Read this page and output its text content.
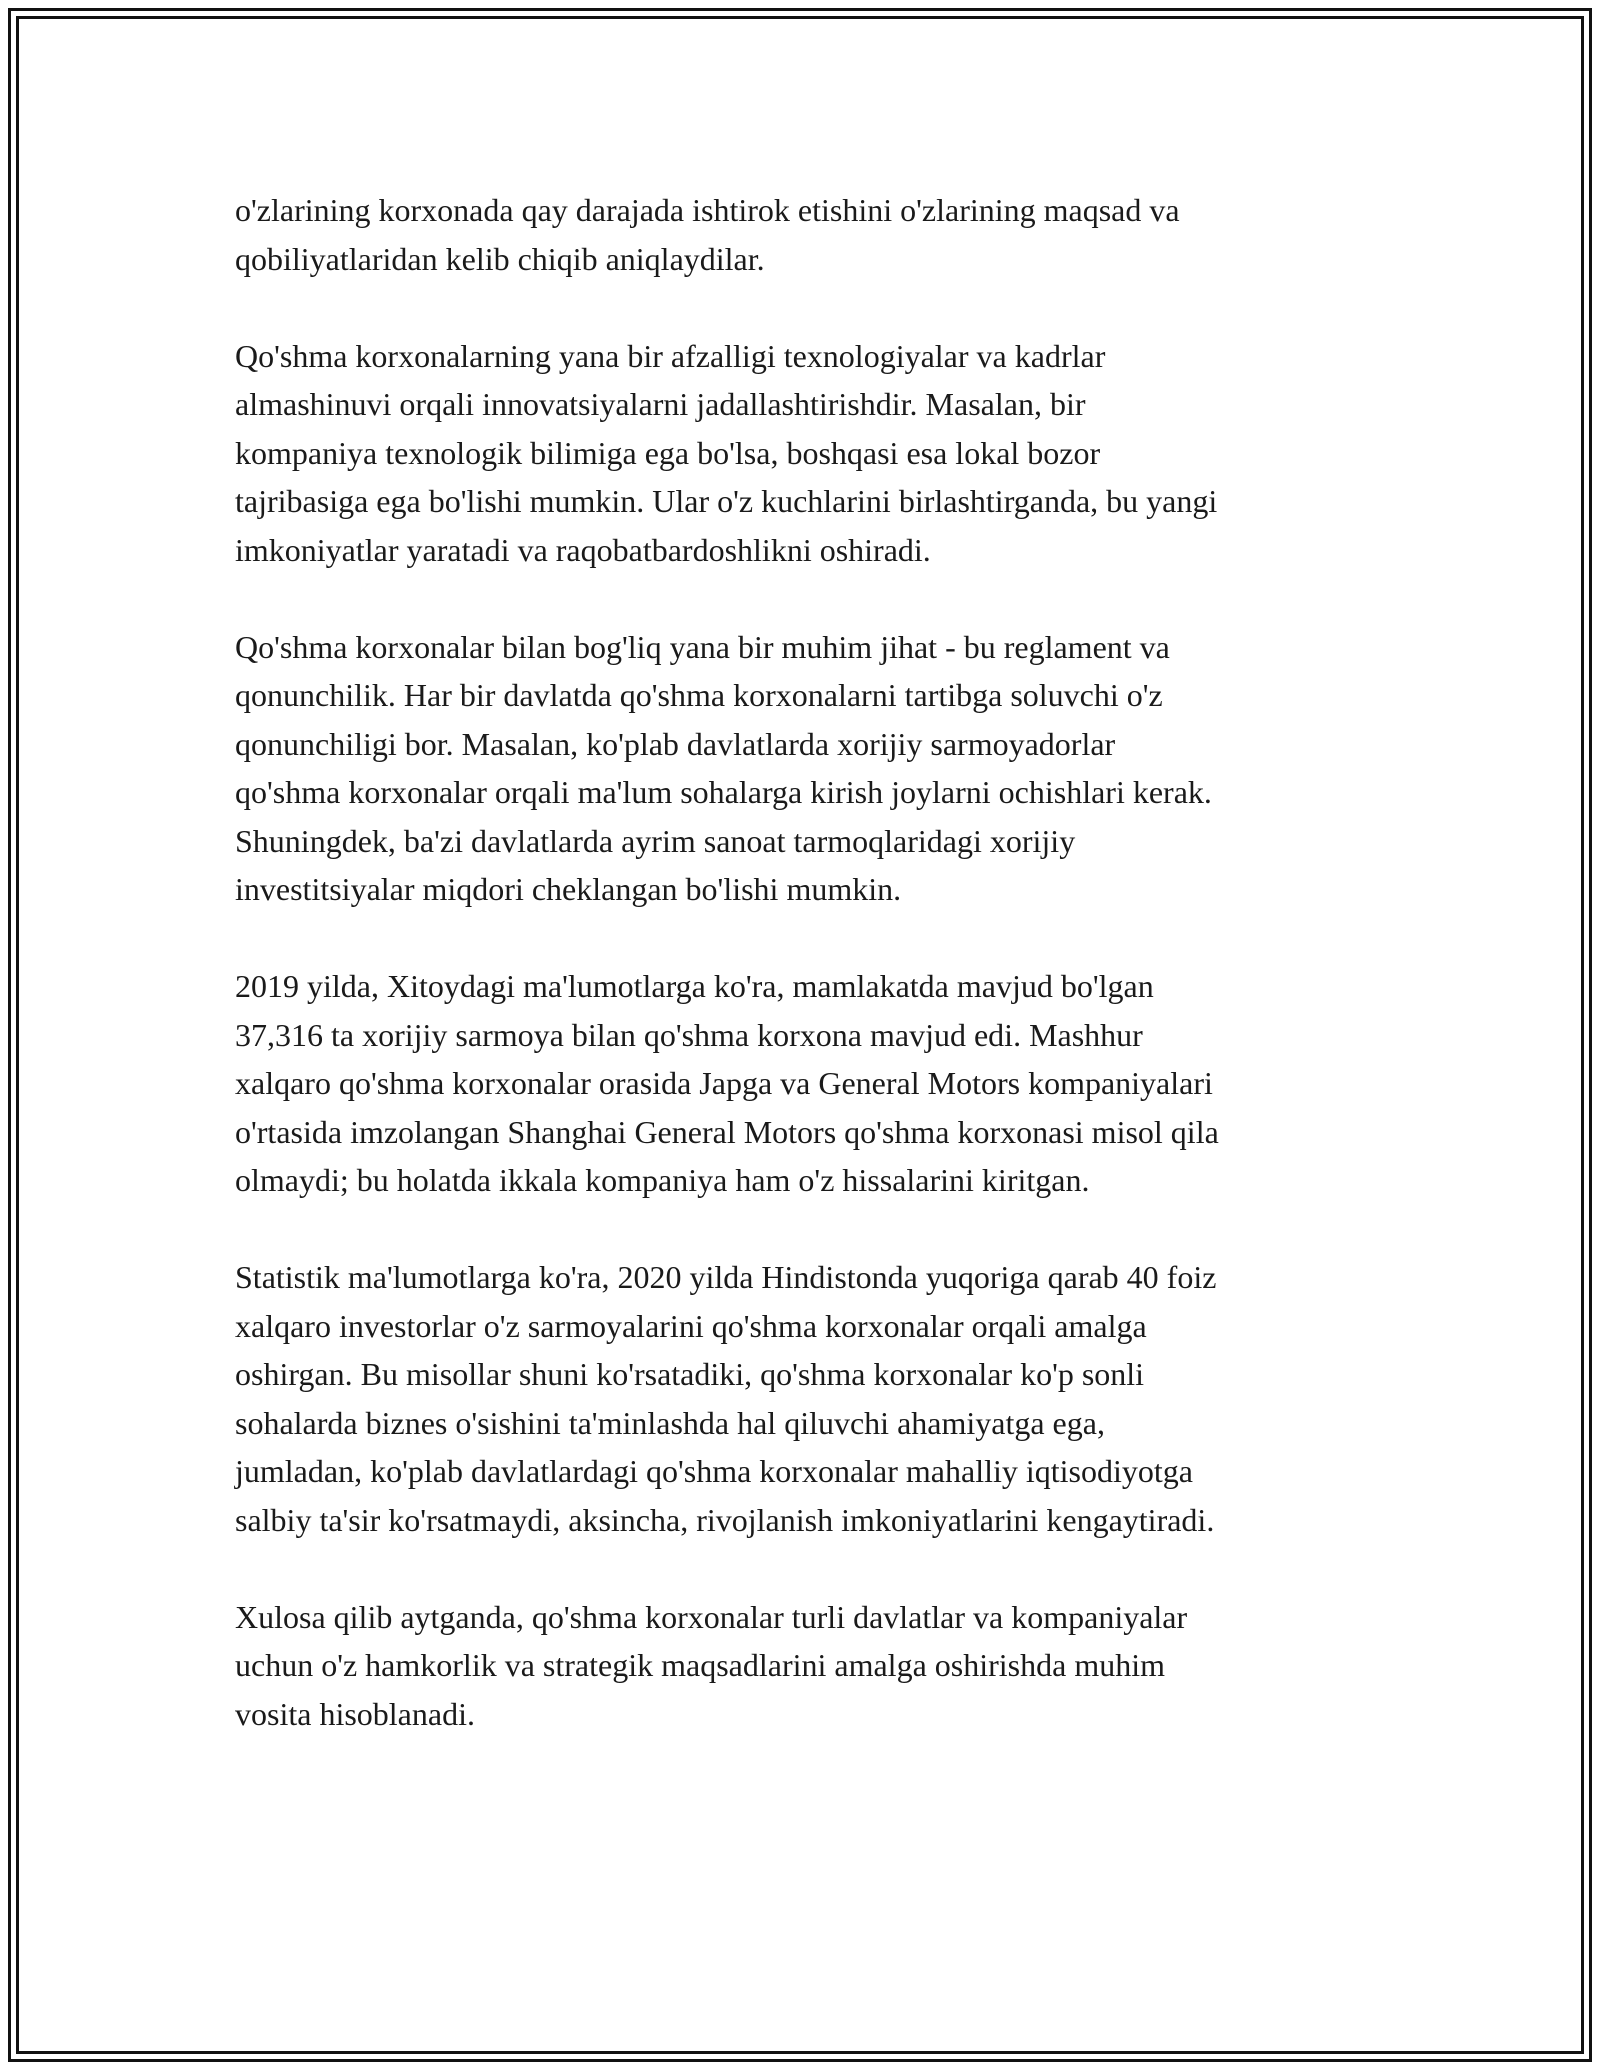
o'zlarining korxonada qay darajada ishtirok etishini o'zlarining maqsad va
qobiliyatlaridan kelib chiqib aniqlaydilar.

Qo'shma korxonalarning yana bir afzalligi texnologiyalar va kadrlar
almashinuvi orqali innovatsiyalarni jadallashtirishdir. Masalan, bir
kompaniya texnologik bilimiga ega bo'lsa, boshqasi esa lokal bozor
tajribasiga ega bo'lishi mumkin. Ular o'z kuchlarini birlashtirganda, bu yangi
imkoniyatlar yaratadi va raqobatbardoshlikni oshiradi.

Qo'shma korxonalar bilan bog'liq yana bir muhim jihat - bu reglament va
qonunchilik. Har bir davlatda qo'shma korxonalarni tartibga soluvchi o'z
qonunchiligi bor. Masalan, ko'plab davlatlarda xorijiy sarmoyadorlar
qo'shma korxonalar orqali ma'lum sohalarga kirish joylarni ochishlari kerak.
Shuningdek, ba'zi davlatlarda ayrim sanoat tarmoqlaridagi xorijiy
investitsiyalar miqdori cheklangan bo'lishi mumkin.

2019 yilda, Xitoydagi ma'lumotlarga ko'ra, mamlakatda mavjud bo'lgan
37,316 ta xorijiy sarmoya bilan qo'shma korxona mavjud edi. Mashhur
xalqaro qo'shma korxonalar orasida Japga va General Motors kompaniyalari
o'rtasida imzolangan Shanghai General Motors qo'shma korxonasi misol qila
olmaydi; bu holatda ikkala kompaniya ham o'z hissalarini kiritgan.

Statistik ma'lumotlarga ko'ra, 2020 yilda Hindistonda yuqoriga qarab 40 foiz
xalqaro investorlar o'z sarmoyalarini qo'shma korxonalar orqali amalga
oshirgan. Bu misollar shuni ko'rsatadiki, qo'shma korxonalar ko'p sonli
sohalarda biznes o'sishini ta'minlashda hal qiluvchi ahamiyatga ega,
jumladan, ko'plab davlatlardagi qo'shma korxonalar mahalliy iqtisodiyotga
salbiy ta'sir ko'rsatmaydi, aksincha, rivojlanish imkoniyatlarini kengaytiradi.

Xulosa qilib aytganda, qo'shma korxonalar turli davlatlar va kompaniyalar
uchun o'z hamkorlik va strategik maqsadlarini amalga oshirishda muhim
vosita hisoblanadi.
